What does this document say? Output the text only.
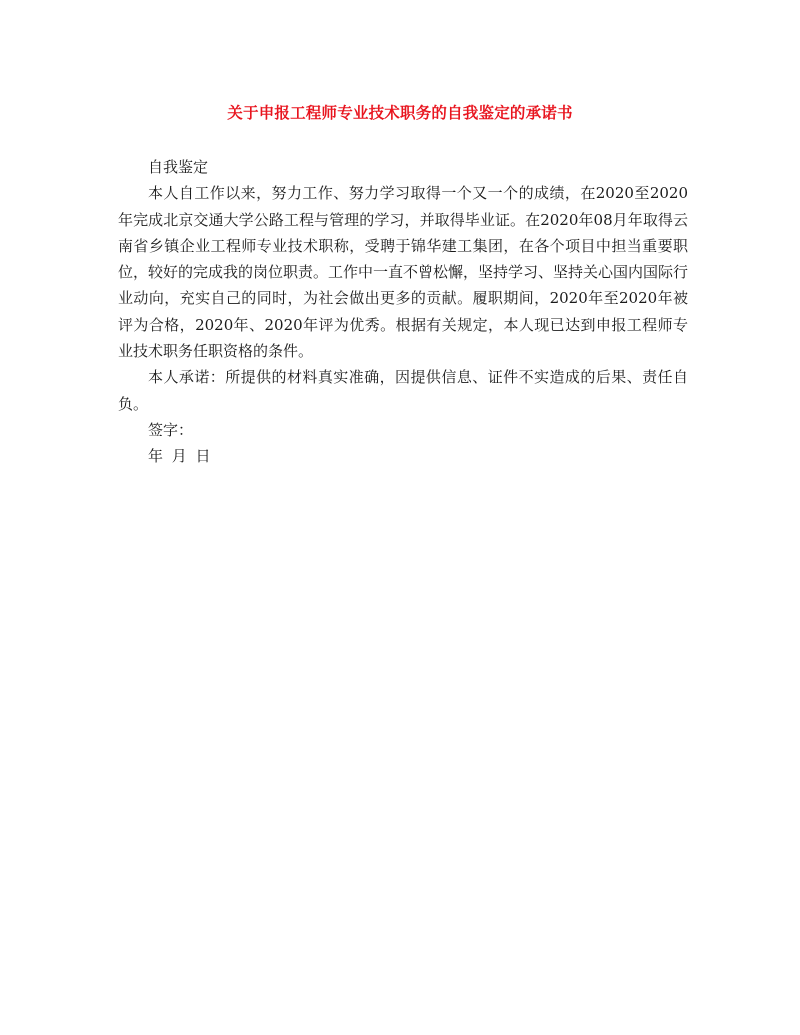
关于申报工程师专业技术职务的自我鉴定的承诺书

自我鉴定

本人自工作以来，努力工作、努力学习取得一个又一个的成绩，在2020至2020年完成北京交通大学公路工程与管理的学习，并取得毕业证。在2020年08月年取得云南省乡镇企业工程师专业技术职称，受聘于锦华建工集团，在各个项目中担当重要职位，较好的完成我的岗位职责。工作中一直不曾松懈，坚持学习、坚持关心国内国际行业动向，充实自己的同时，为社会做出更多的贡献。履职期间，2020年至2020年被评为合格，2020年、2020年评为优秀。根据有关规定，本人现已达到申报工程师专业技术职务任职资格的条件。

本人承诺：所提供的材料真实准确，因提供信息、证件不实造成的后果、责任自负。

签字：

年 月 日
